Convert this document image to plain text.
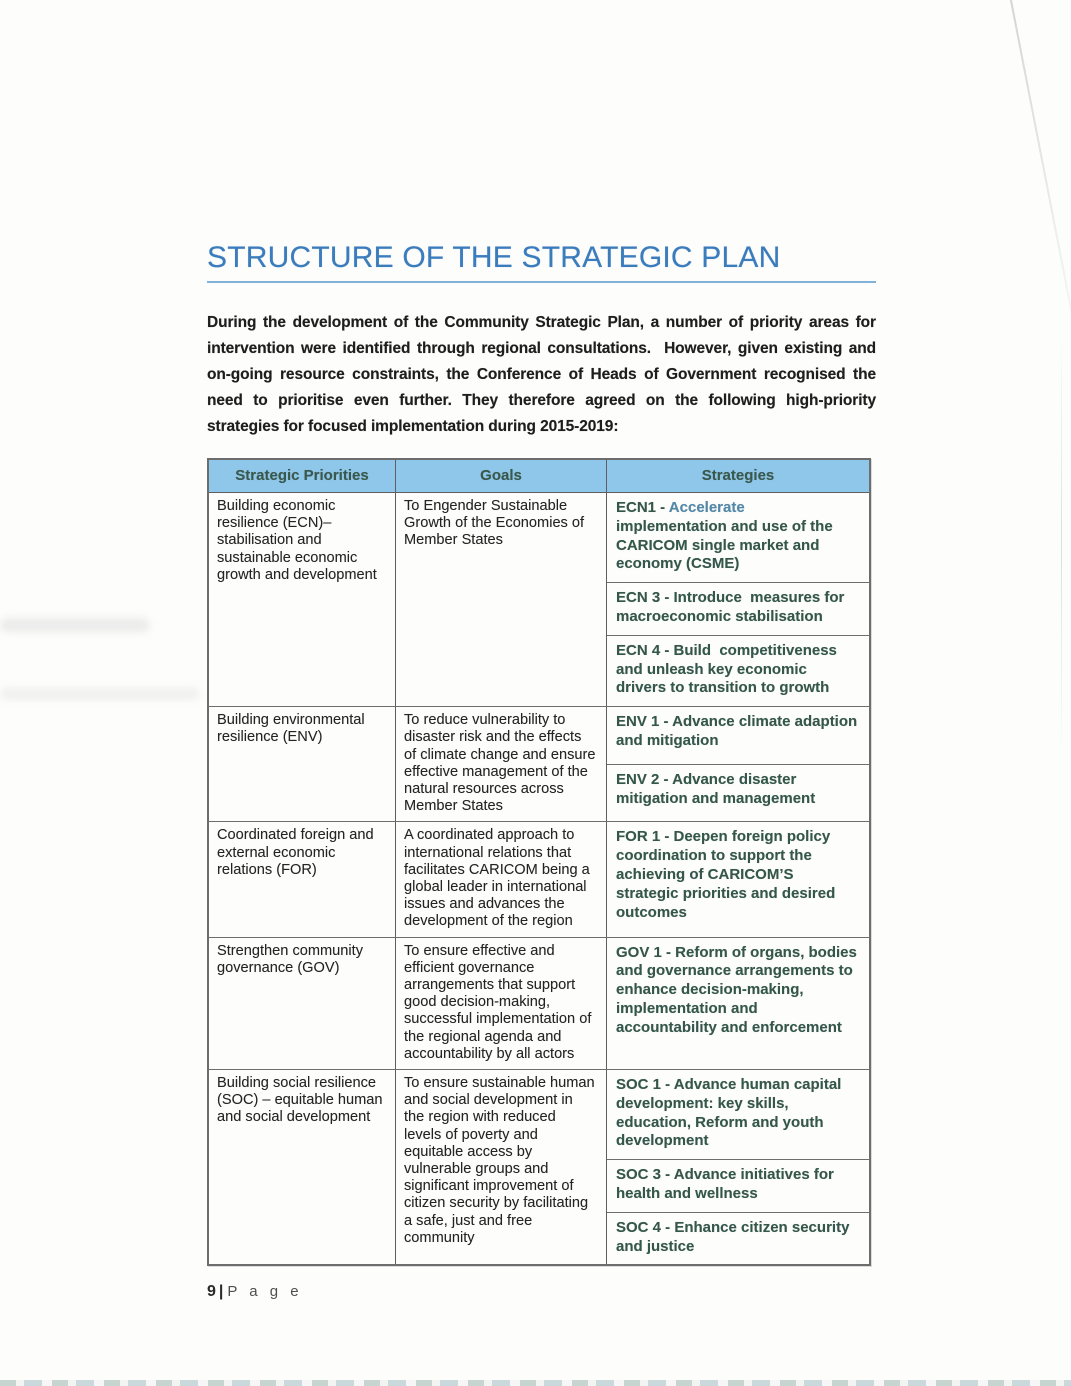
STRUCTURE OF THE STRATEGIC PLAN

During the development of the Community Strategic Plan, a number of priority areas for intervention were identified through regional consultations.  However, given existing and on-going resource constraints, the Conference of Heads of Government recognised the need to prioritise even further. They therefore agreed on the following high-priority strategies for focused implementation during 2015-2019:

Strategic Priorities	Goals	Strategies
Building economic resilience (ECN)– stabilisation and sustainable economic growth and development
To Engender Sustainable Growth of the Economies of Member States
ECN1 - Accelerate implementation and use of the CARICOM single market and economy (CSME)
ECN 3 - Introduce  measures for macroeconomic stabilisation
ECN 4 - Build  competitiveness and unleash key economic drivers to transition to growth
Building environmental resilience (ENV)
To reduce vulnerability to disaster risk and the effects of climate change and ensure effective management of the natural resources across Member States
ENV 1 - Advance climate adaption and mitigation
ENV 2 - Advance disaster mitigation and management
Coordinated foreign and external economic relations (FOR)
A coordinated approach to international relations that facilitates CARICOM being a global leader in international issues and advances the development of the region
FOR 1 - Deepen foreign policy coordination to support the achieving of CARICOM’S strategic priorities and desired outcomes
Strengthen community governance (GOV)
To ensure effective and efficient governance arrangements that support good decision-making, successful implementation of the regional agenda and accountability by all actors
GOV 1 - Reform of organs, bodies and governance arrangements to enhance decision-making, implementation and accountability and enforcement
Building social resilience (SOC) – equitable human and social development
To ensure sustainable human and social development in the region with reduced levels of poverty and equitable access by vulnerable groups and significant improvement of citizen security by facilitating a safe, just and free community
SOC 1 - Advance human capital development: key skills, education, Reform and youth development
SOC 3 - Advance initiatives for health and wellness
SOC 4 - Enhance citizen security and justice
9 | P a g e
